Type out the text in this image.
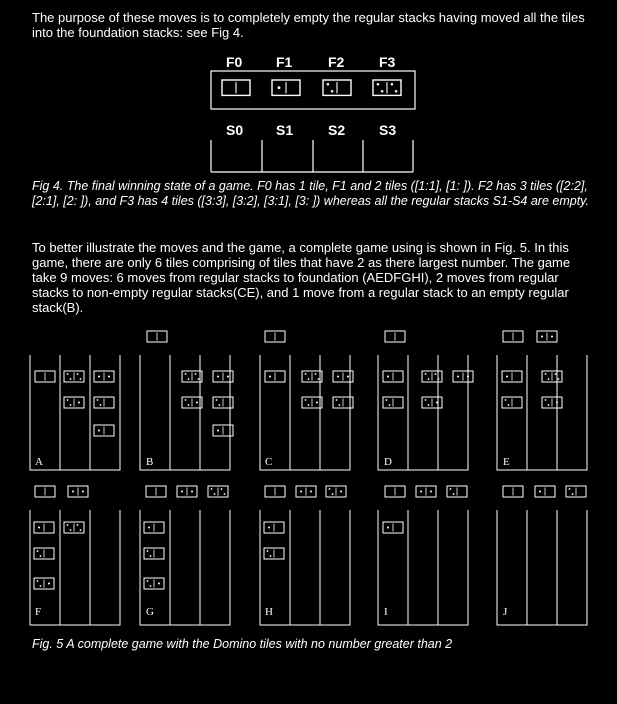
The purpose of these moves is to completely empty the regular stacks having moved all the tiles into the foundation stacks: see Fig 4.

F0 F1	F2 F3
S0 S1 S2 S3

Fig 4. The final winning state of a game. F0 has 1 tile, F1 and 2 tiles ([1:1], [1: ]). F2 has 3 tiles ([2:2], [2:1], [2: ]), and F3 has 4 tiles ([3:3], [3:2], [3:1], [3: ]) whereas all the regular stacks S1-S4 are empty.

To better illustrate the moves and the game, a complete game using is shown in Fig. 5. In this game, there are only 6 tiles comprising of tiles that have 2 as there largest number. The game take 9 moves: 6 moves from regular stacks to foundation (AEDFGHI), 2 moves from regular stacks to non-empty regular stacks(CE), and 1 move from a regular stack to an empty regular stack(B).

A	B	C	D	E
F	G	H	I	J

Fig. 5 A complete game with the Domino tiles with no number greater than 2
